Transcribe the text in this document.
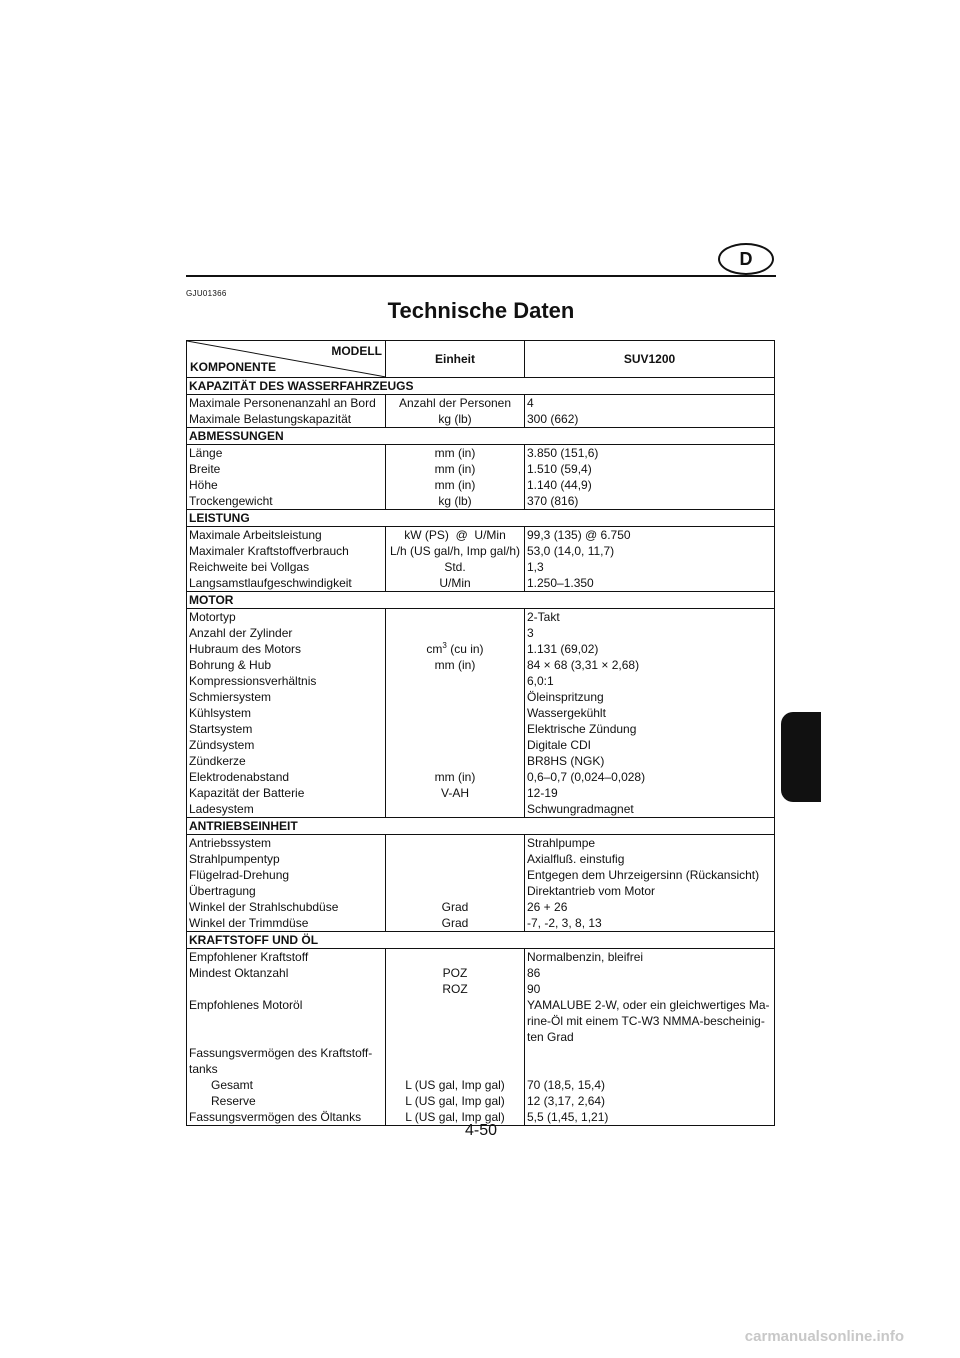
D
GJU01366
Technische Daten
MODELL
KOMPONENTE	Einheit	SUV1200
KAPAZITÄT DES WASSERFAHRZEUGS		
Maximale Personenanzahl an Bord	Anzahl der Personen	4
Maximale Belastungskapazität	kg (lb)	300 (662)
ABMESSUNGEN		
Länge	mm (in)	3.850 (151,6)
Breite	mm (in)	1.510 (59,4)
Höhe	mm (in)	1.140 (44,9)
Trockengewicht	kg (lb)	370 (816)
LEISTUNG		
Maximale Arbeitsleistung	kW (PS)  @  U/Min	99,3 (135) @ 6.750
Maximaler Kraftstoffverbrauch	L/h (US gal/h, Imp gal/h)	53,0 (14,0, 11,7)
Reichweite bei Vollgas	Std.	1,3
Langsamstlaufgeschwindigkeit	U/Min	1.250–1.350
MOTOR		
Motortyp		2-Takt
Anzahl der Zylinder		3
Hubraum des Motors	$cm^3$ (cu in)	1.131 (69,02)
Bohrung & Hub	mm (in)	84 × 68 (3,31 × 2,68)
Kompressionsverhältnis		6,0:1
Schmiersystem		Öleinspritzung
Kühlsystem		Wassergekühlt
Startsystem		Elektrische Zündung
Zündsystem		Digitale CDI
Zündkerze		BR8HS (NGK)
Elektrodenabstand	mm (in)	0,6–0,7 (0,024–0,028)
Kapazität der Batterie	V-AH	12-19
Ladesystem		Schwungradmagnet
ANTRIEBSEINHEIT		
Antriebssystem		Strahlpumpe
Strahlpumpentyp		Axialfluß. einstufig
Flügelrad-Drehung		Entgegen dem Uhrzeigersinn (Rückansicht)
Übertragung		Direktantrieb vom Motor
Winkel der Strahlschubdüse	Grad	26 + 26
Winkel der Trimmdüse	Grad	-7, -2, 3, 8, 13
KRAFTSTOFF UND ÖL		
Empfohlener Kraftstoff		Normalbenzin, bleifrei
Mindest Oktanzahl	POZ	86
	ROZ	90
Empfohlenes Motoröl		YAMALUBE 2-W, oder ein gleichwertiges Ma-
		rine-Öl mit einem TC-W3 NMMA-bescheinig-
		ten Grad
Fassungsvermögen des Kraftstoff-		
tanks		
Gesamt	L (US gal, Imp gal)	70 (18,5, 15,4)
Reserve	L (US gal, Imp gal)	12 (3,17, 2,64)
Fassungsvermögen des Öltanks	L (US gal, Imp gal)	5,5 (1,45, 1,21)
4-50
carmanualsonline.info
